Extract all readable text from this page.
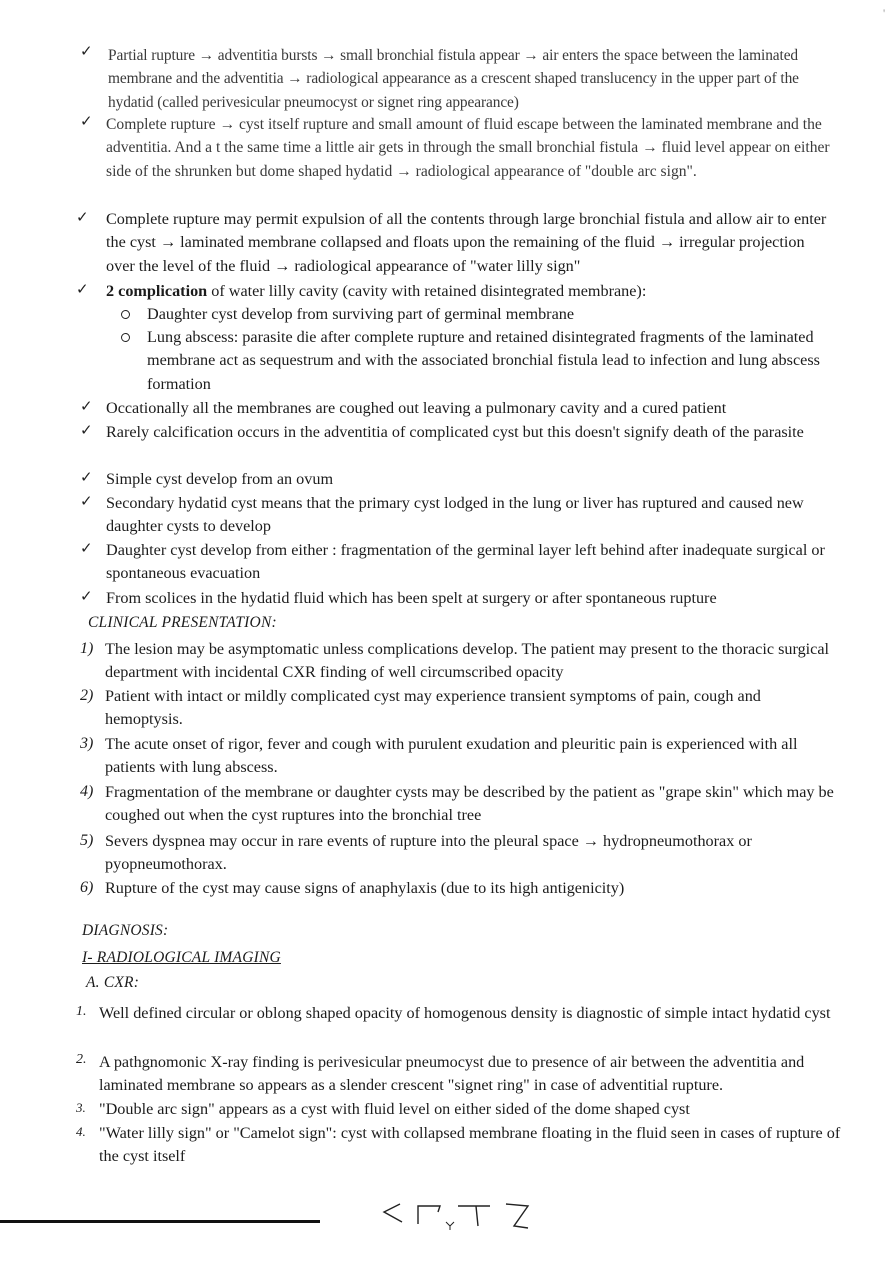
✓ Partial rupture → adventitia bursts → small bronchial fistula appear → air enters the space between the laminated membrane and the adventitia → radiological appearance as a crescent shaped translucency in the upper part of the hydatid (called perivesicular pneumocyst or signet ring appearance)

✓ Complete rupture → cyst itself rupture and small amount of fluid escape between the laminated membrane and the adventitia. And a t the same time a little air gets in through the small bronchial fistula → fluid level appear on either side of the shrunken but dome shaped hydatid → radiological appearance of "double arc sign".

✓ Complete rupture may permit expulsion of all the contents through large bronchial fistula and allow air to enter the cyst → laminated membrane collapsed and floats upon the remaining of the fluid → irregular projection over the level of the fluid → radiological appearance of "water lilly sign"

✓ 2 complication of water lilly cavity (cavity with retained disintegrated membrane):

Daughter cyst develop from surviving part of germinal membrane

Lung abscess: parasite die after complete rupture and retained disintegrated fragments of the laminated membrane act as sequestrum and with the associated bronchial fistula lead to infection and lung abscess formation

✓ Occationally all the membranes are coughed out leaving a pulmonary cavity and a cured patient

✓ Rarely calcification occurs in the adventitia of complicated cyst but this doesn't signify death of the parasite

✓ Simple cyst develop from an ovum

✓ Secondary hydatid cyst means that the primary cyst lodged in the lung or liver has ruptured and caused new daughter cysts to develop

✓ Daughter cyst develop from either : fragmentation of the germinal layer left behind after inadequate surgical or spontaneous evacuation

✓ From scolices in the hydatid fluid which has been spelt at surgery or after spontaneous rupture

CLINICAL PRESENTATION:
1) The lesion may be asymptomatic unless complications develop. The patient may present to the thoracic surgical department with incidental CXR finding of well circumscribed opacity

2) Patient with intact or mildly complicated cyst may experience transient symptoms of pain, cough and hemoptysis.

3) The acute onset of rigor, fever and cough with purulent exudation and pleuritic pain is experienced with all patients with lung abscess.

4) Fragmentation of the membrane or daughter cysts may be described by the patient as "grape skin" which may be coughed out when the cyst ruptures into the bronchial tree

5) Severs dyspnea may occur in rare events of rupture into the pleural space → hydropneumothorax or pyopneumothorax.

6) Rupture of the cyst may cause signs of anaphylaxis (due to its high antigenicity)

DIAGNOSIS:
I- RADIOLOGICAL IMAGING
A. CXR:
1. Well defined circular or oblong shaped opacity of homogenous density is diagnostic of simple intact hydatid cyst

2. A pathgnomonic X-ray finding is perivesicular pneumocyst due to presence of air between the adventitia and laminated membrane so appears as a slender crescent "signet ring" in case of adventitial rupture.

3. "Double arc sign" appears as a cyst with fluid level on either sided of the dome shaped cyst

4. "Water lilly sign" or "Camelot sign": cyst with collapsed membrane floating in the fluid seen in cases of rupture of the cyst itself

'
